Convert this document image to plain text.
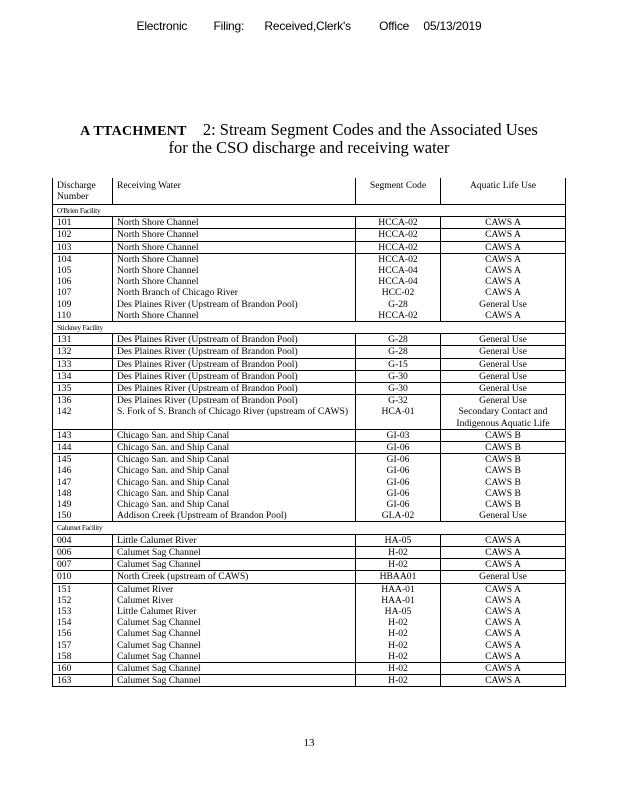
Electronic Filing: Received,Clerk's Office 05/13/2019
A TTACHMENT 2: Stream Segment Codes and the Associated Uses
for the CSO discharge and receiving water
Discharge
Number	Receiving Water	Segment Code	Aquatic Life Use
O'Brien Facility			
101	North Shore Channel	HCCA-02	CAWS A
102	North Shore Channel	HCCA-02	CAWS A
103	North Shore Channel	HCCA-02	CAWS A
104	North Shore Channel	HCCA-02	CAWS A
105	North Shore Channel	HCCA-04	CAWS A
106	North Shore Channel	HCCA-04	CAWS A
107	North Branch of Chicago River	HCC-02	CAWS A
109	Des Plaines River (Upstream of Brandon Pool)	G-28	General Use
110	North Shore Channel	HCCA-02	CAWS A
Stickney Facility			
131	Des Plaines River (Upstream of Brandon Pool)	G-28	General Use
132	Des Plaines River (Upstream of Brandon Pool)	G-28	General Use
133	Des Plaines River (Upstream of Brandon Pool)	G-15	General Use
134	Des Plaines River (Upstream of Brandon Pool)	G-30	General Use
135	Des Plaines River (Upstream of Brandon Pool)	G-30	General Use
136	Des Plaines River (Upstream of Brandon Pool)	G-32	General Use
142	S. Fork of S. Branch of Chicago River (upstream of CAWS)	HCA-01	Secondary Contact and Indigenous Aquatic Life
143	Chicago San. and Ship Canal	GI-03	CAWS B
144	Chicago San. and Ship Canal	GI-06	CAWS B
145	Chicago San. and Ship Canal	GI-06	CAWS B
146	Chicago San. and Ship Canal	GI-06	CAWS B
147	Chicago San. and Ship Canal	GI-06	CAWS B
148	Chicago San. and Ship Canal	GI-06	CAWS B
149	Chicago San. and Ship Canal	GI-06	CAWS B
150	Addison Creek (Upstream of Brandon Pool)	GLA-02	General Use
Calumet Facility			
004	Little Calumet River	HA-05	CAWS A
006	Calumet Sag Channel	H-02	CAWS A
007	Calumet Sag Channel	H-02	CAWS A
010	North Creek (upstream of CAWS)	HBAA01	General Use
151	Calumet River	HAA-01	CAWS A
152	Calumet River	HAA-01	CAWS A
153	Little Calumet River	HA-05	CAWS A
154	Calumet Sag Channel	H-02	CAWS A
156	Calumet Sag Channel	H-02	CAWS A
157	Calumet Sag Channel	H-02	CAWS A
158	Calumet Sag Channel	H-02	CAWS A
160	Calumet Sag Channel	H-02	CAWS A
163	Calumet Sag Channel	H-02	CAWS A
13
